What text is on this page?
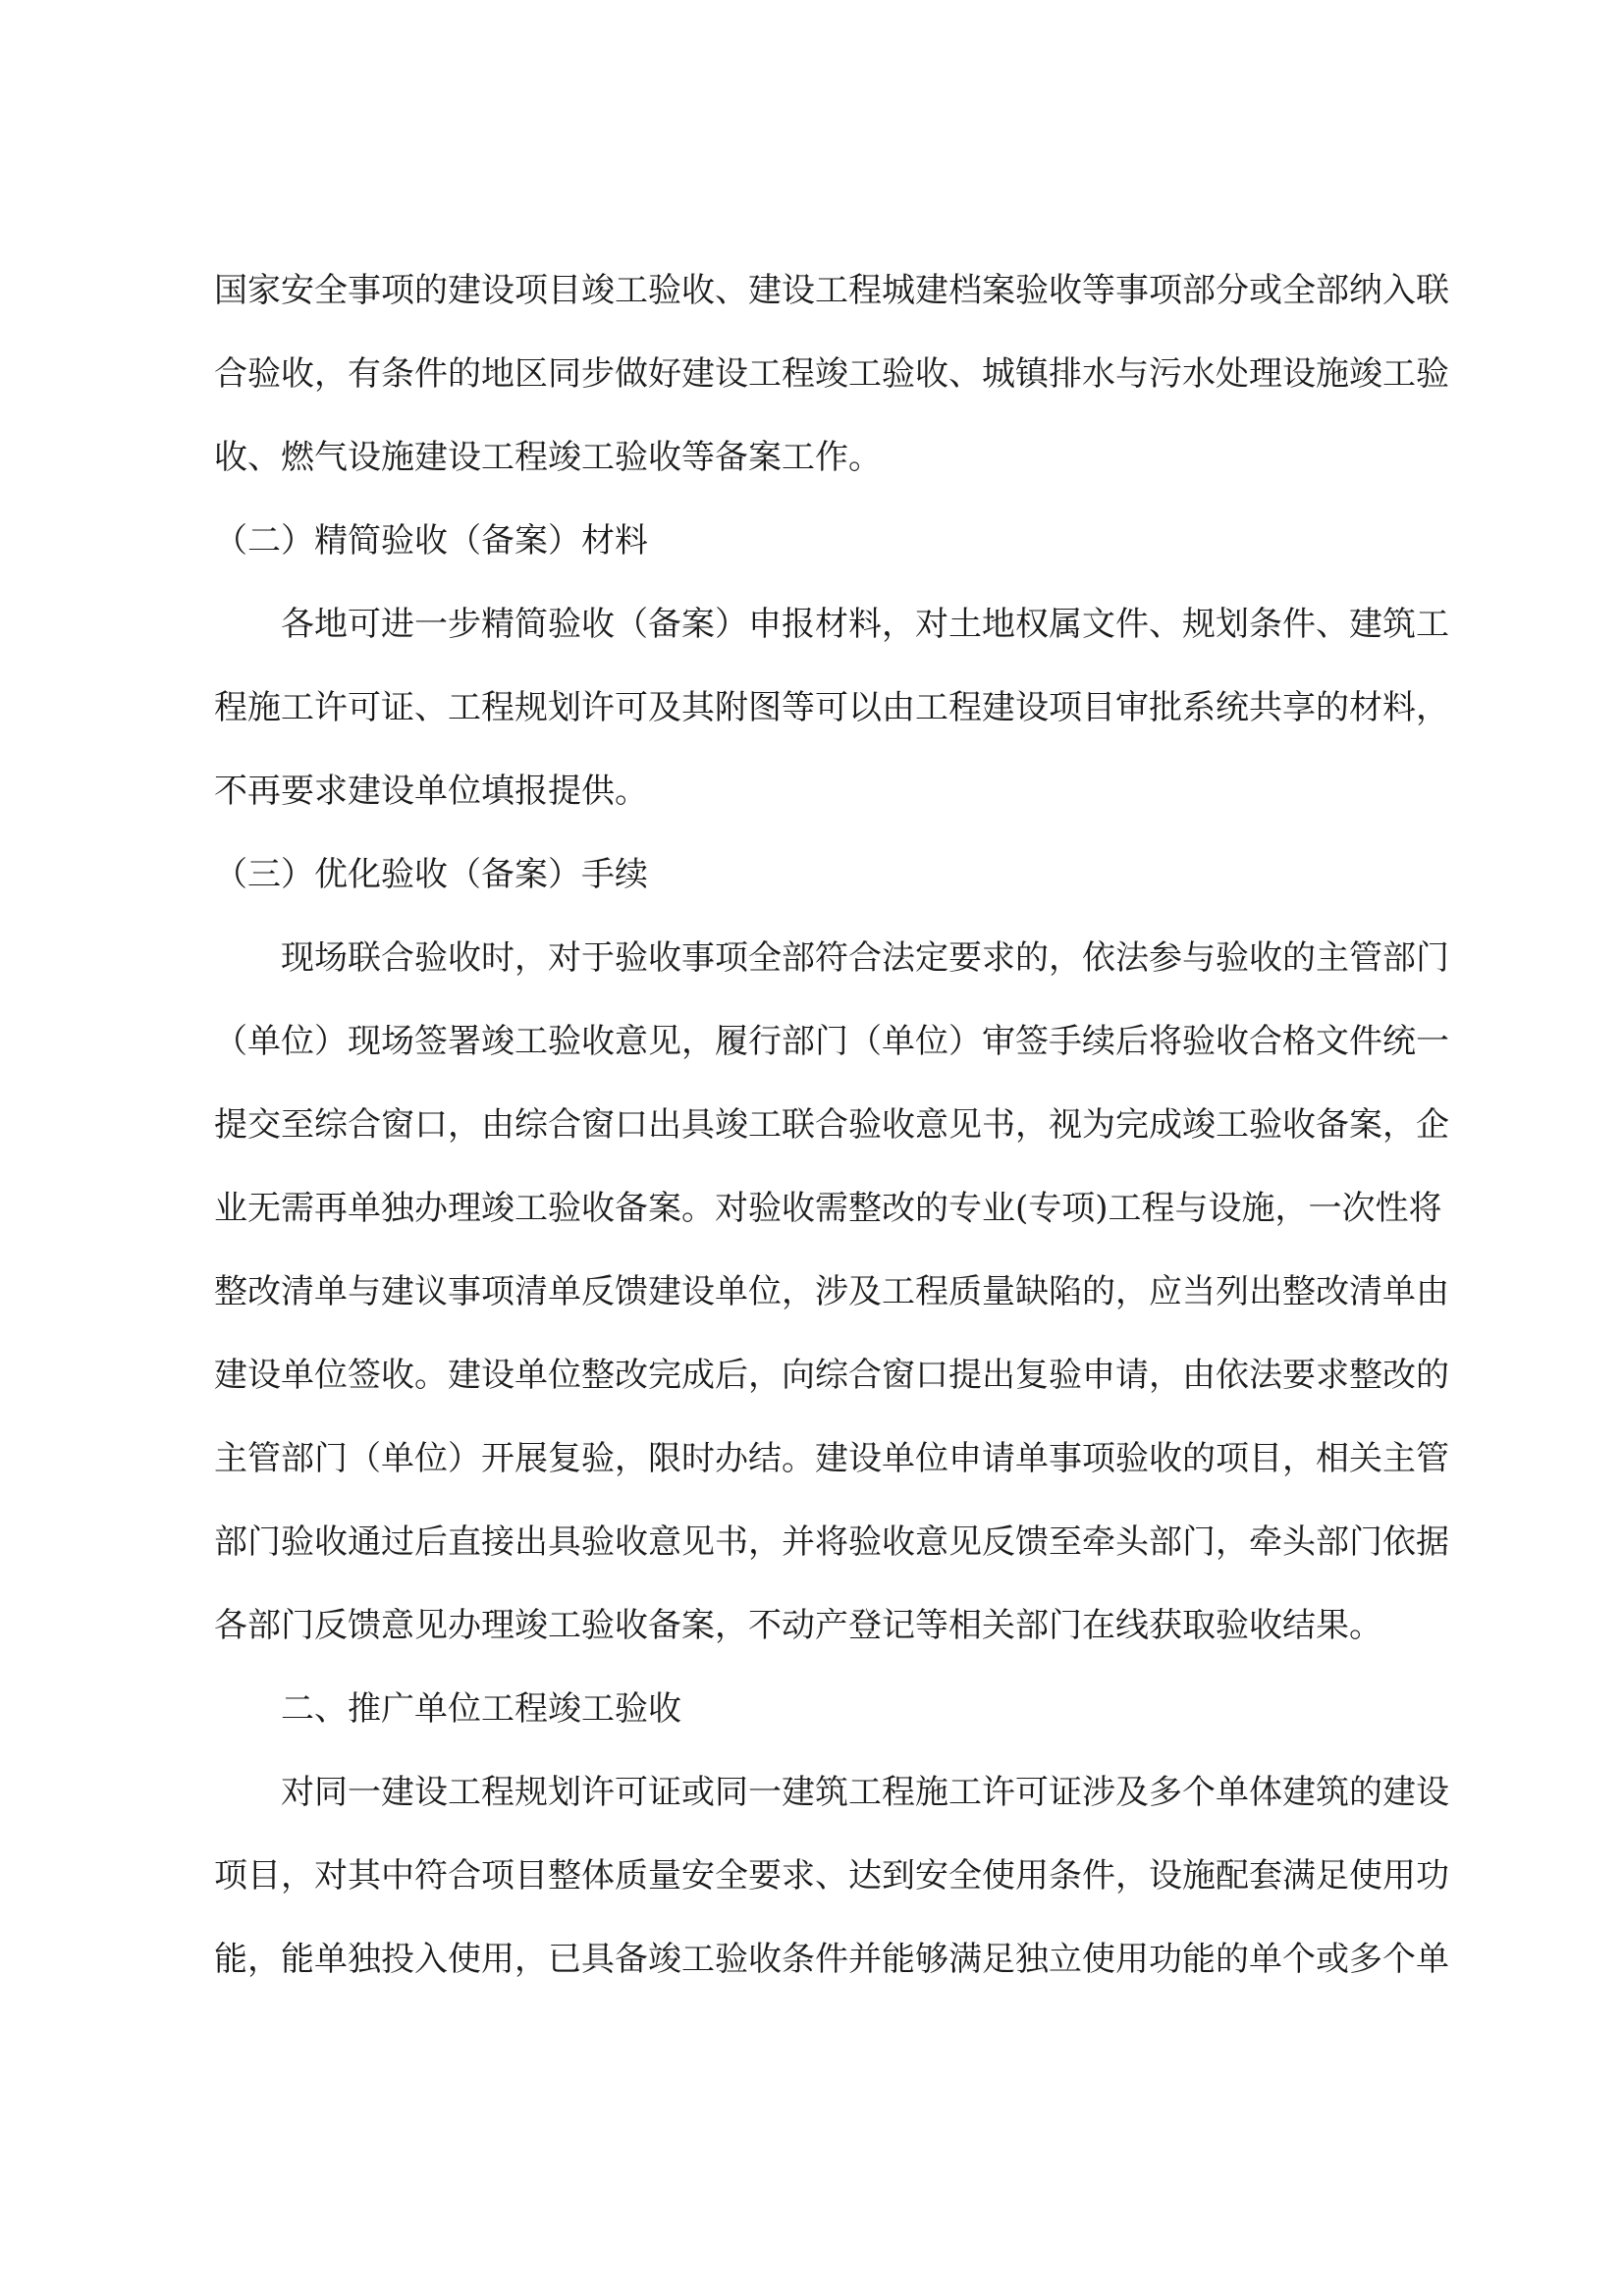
国家安全事项的建设项目竣工验收、建设工程城建档案验收等事项部分或全部纳入联
合验收，有条件的地区同步做好建设工程竣工验收、城镇排水与污水处理设施竣工验
收、燃气设施建设工程竣工验收等备案工作。
（二）精简验收（备案）材料
各地可进一步精简验收（备案）申报材料，对土地权属文件、规划条件、建筑工
程施工许可证、工程规划许可及其附图等可以由工程建设项目审批系统共享的材料，
不再要求建设单位填报提供。
（三）优化验收（备案）手续
现场联合验收时，对于验收事项全部符合法定要求的，依法参与验收的主管部门
（单位）现场签署竣工验收意见，履行部门（单位）审签手续后将验收合格文件统一
提交至综合窗口，由综合窗口出具竣工联合验收意见书，视为完成竣工验收备案，企
业无需再单独办理竣工验收备案。对验收需整改的专业(专项)工程与设施，一次性将
整改清单与建议事项清单反馈建设单位，涉及工程质量缺陷的，应当列出整改清单由
建设单位签收。建设单位整改完成后，向综合窗口提出复验申请，由依法要求整改的
主管部门（单位）开展复验，限时办结。建设单位申请单事项验收的项目，相关主管
部门验收通过后直接出具验收意见书，并将验收意见反馈至牵头部门，牵头部门依据
各部门反馈意见办理竣工验收备案，不动产登记等相关部门在线获取验收结果。
二、推广单位工程竣工验收
对同一建设工程规划许可证或同一建筑工程施工许可证涉及多个单体建筑的建设
项目，对其中符合项目整体质量安全要求、达到安全使用条件，设施配套满足使用功
能，能单独投入使用，已具备竣工验收条件并能够满足独立使用功能的单个或多个单
